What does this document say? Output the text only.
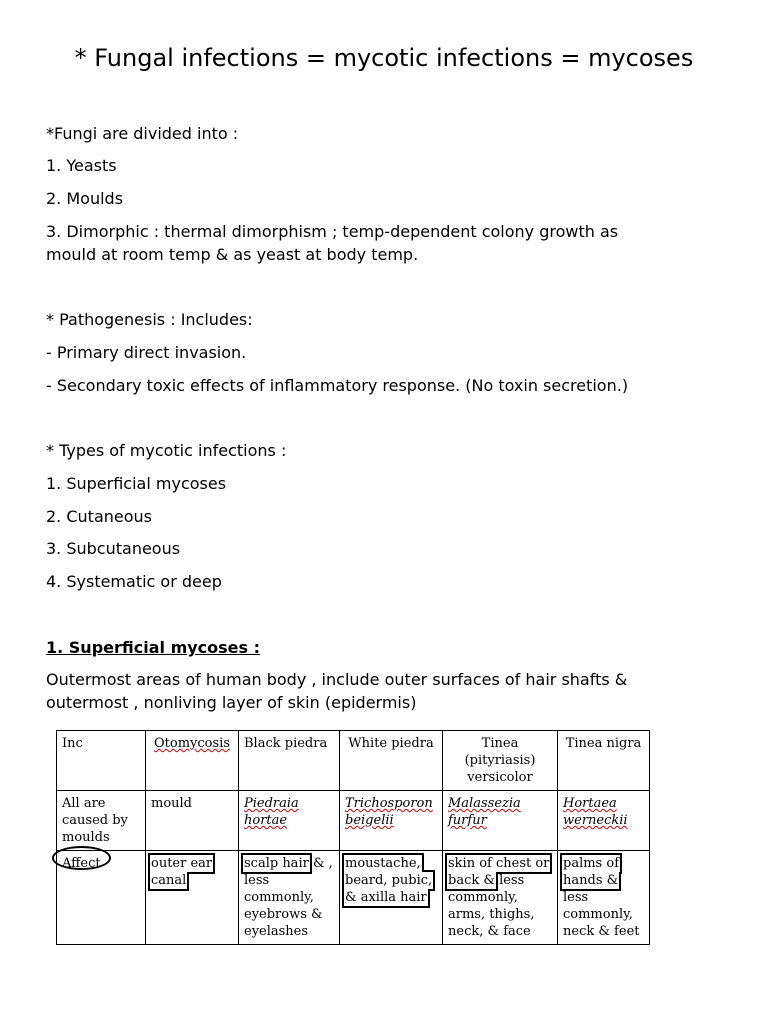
* Fungal infections = mycotic infections = mycoses
*Fungi are divided into :
1. Yeasts
2. Moulds
3. Dimorphic : thermal dimorphism ; temp-dependent colony growth as
mould at room temp & as yeast at body temp.
* Pathogenesis : Includes:
- Primary direct invasion.
- Secondary toxic effects of inflammatory response. (No toxin secretion.)
* Types of mycotic infections :
1. Superficial mycoses
2. Cutaneous
3. Subcutaneous
4. Systematic or deep
1. Superficial mycoses :
Outermost areas of human body , include outer surfaces of hair shafts &
outermost , nonliving layer of skin (epidermis)
Inc	Otomycosis	Black piedra	White piedra	Tinea (pityriasis) versicolor	Tinea nigra
All are caused by moulds	mould	Piedraia hortae	Trichosporon beigelii	Malassezia furfur	Hortaea werneckii
Affect	outer ear canal	scalp hair & , less commonly, eyebrows & eyelashes	moustache, beard, pubic, & axilla hair	skin of chest or back & less commonly, arms, thighs, neck, & face	palms of hands & less commonly, neck & feet
